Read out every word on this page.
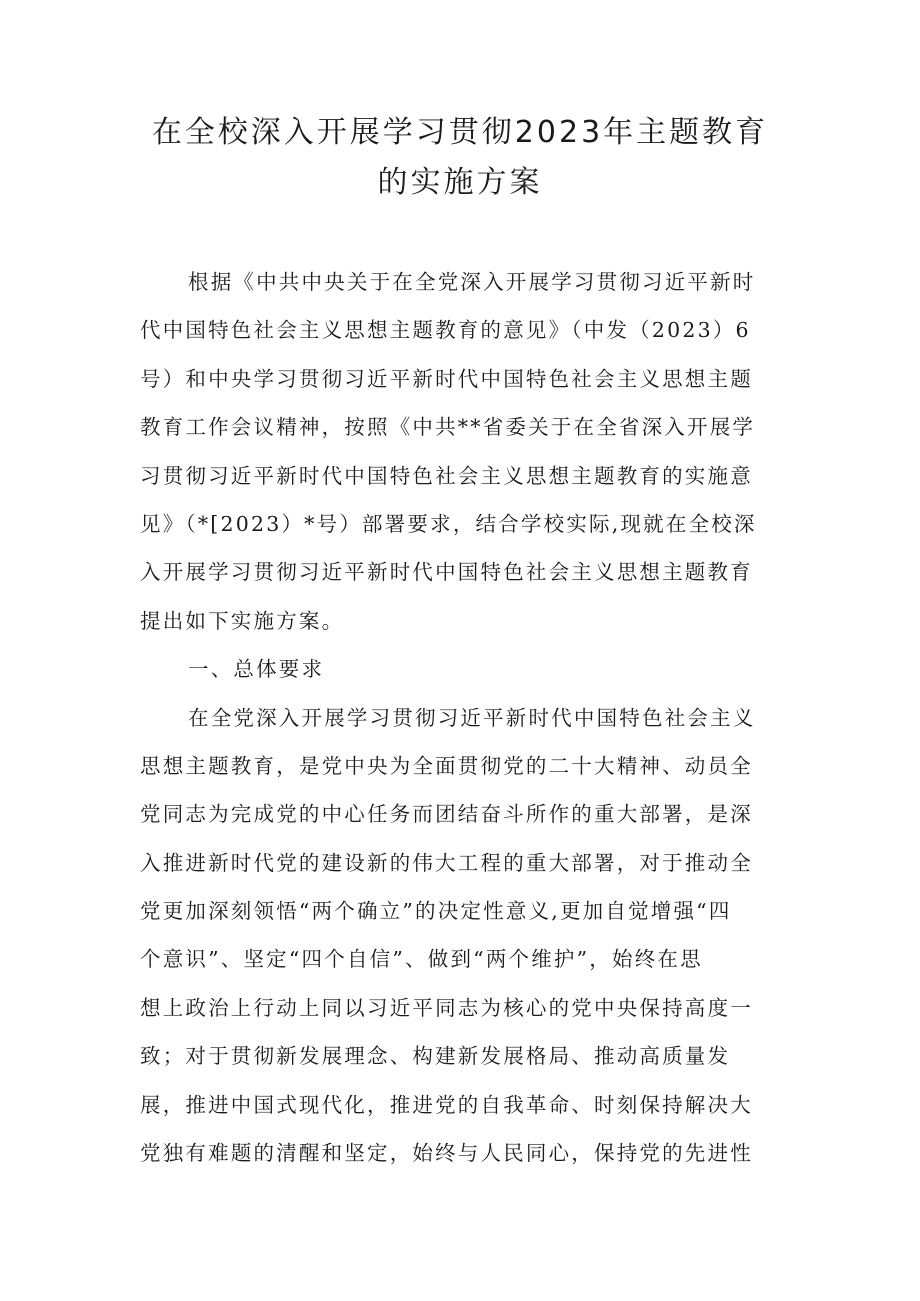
在全校深入开展学习贯彻2023年主题教育
的实施方案
根据《中共中央关于在全党深入开展学习贯彻习近平新时
代中国特色社会主义思想主题教育的意见》（中发（2023）6
号）和中央学习贯彻习近平新时代中国特色社会主义思想主题
教育工作会议精神，按照《中共**省委关于在全省深入开展学
习贯彻习近平新时代中国特色社会主义思想主题教育的实施意
见》（*[2023）*号）部署要求，结合学校实际,现就在全校深
入开展学习贯彻习近平新时代中国特色社会主义思想主题教育
提出如下实施方案。
一、总体要求
在全党深入开展学习贯彻习近平新时代中国特色社会主义
思想主题教育，是党中央为全面贯彻党的二十大精神、动员全
党同志为完成党的中心任务而团结奋斗所作的重大部署，是深
入推进新时代党的建设新的伟大工程的重大部署，对于推动全
党更加深刻领悟“两个确立”的决定性意义,更加自觉增强“四
个意识”、坚定“四个自信”、做到“两个维护”，始终在思
想上政治上行动上同以习近平同志为核心的党中央保持高度一
致；对于贯彻新发展理念、构建新发展格局、推动高质量发
展，推进中国式现代化，推进党的自我革命、时刻保持解决大
党独有难题的清醒和坚定，始终与人民同心，保持党的先进性
